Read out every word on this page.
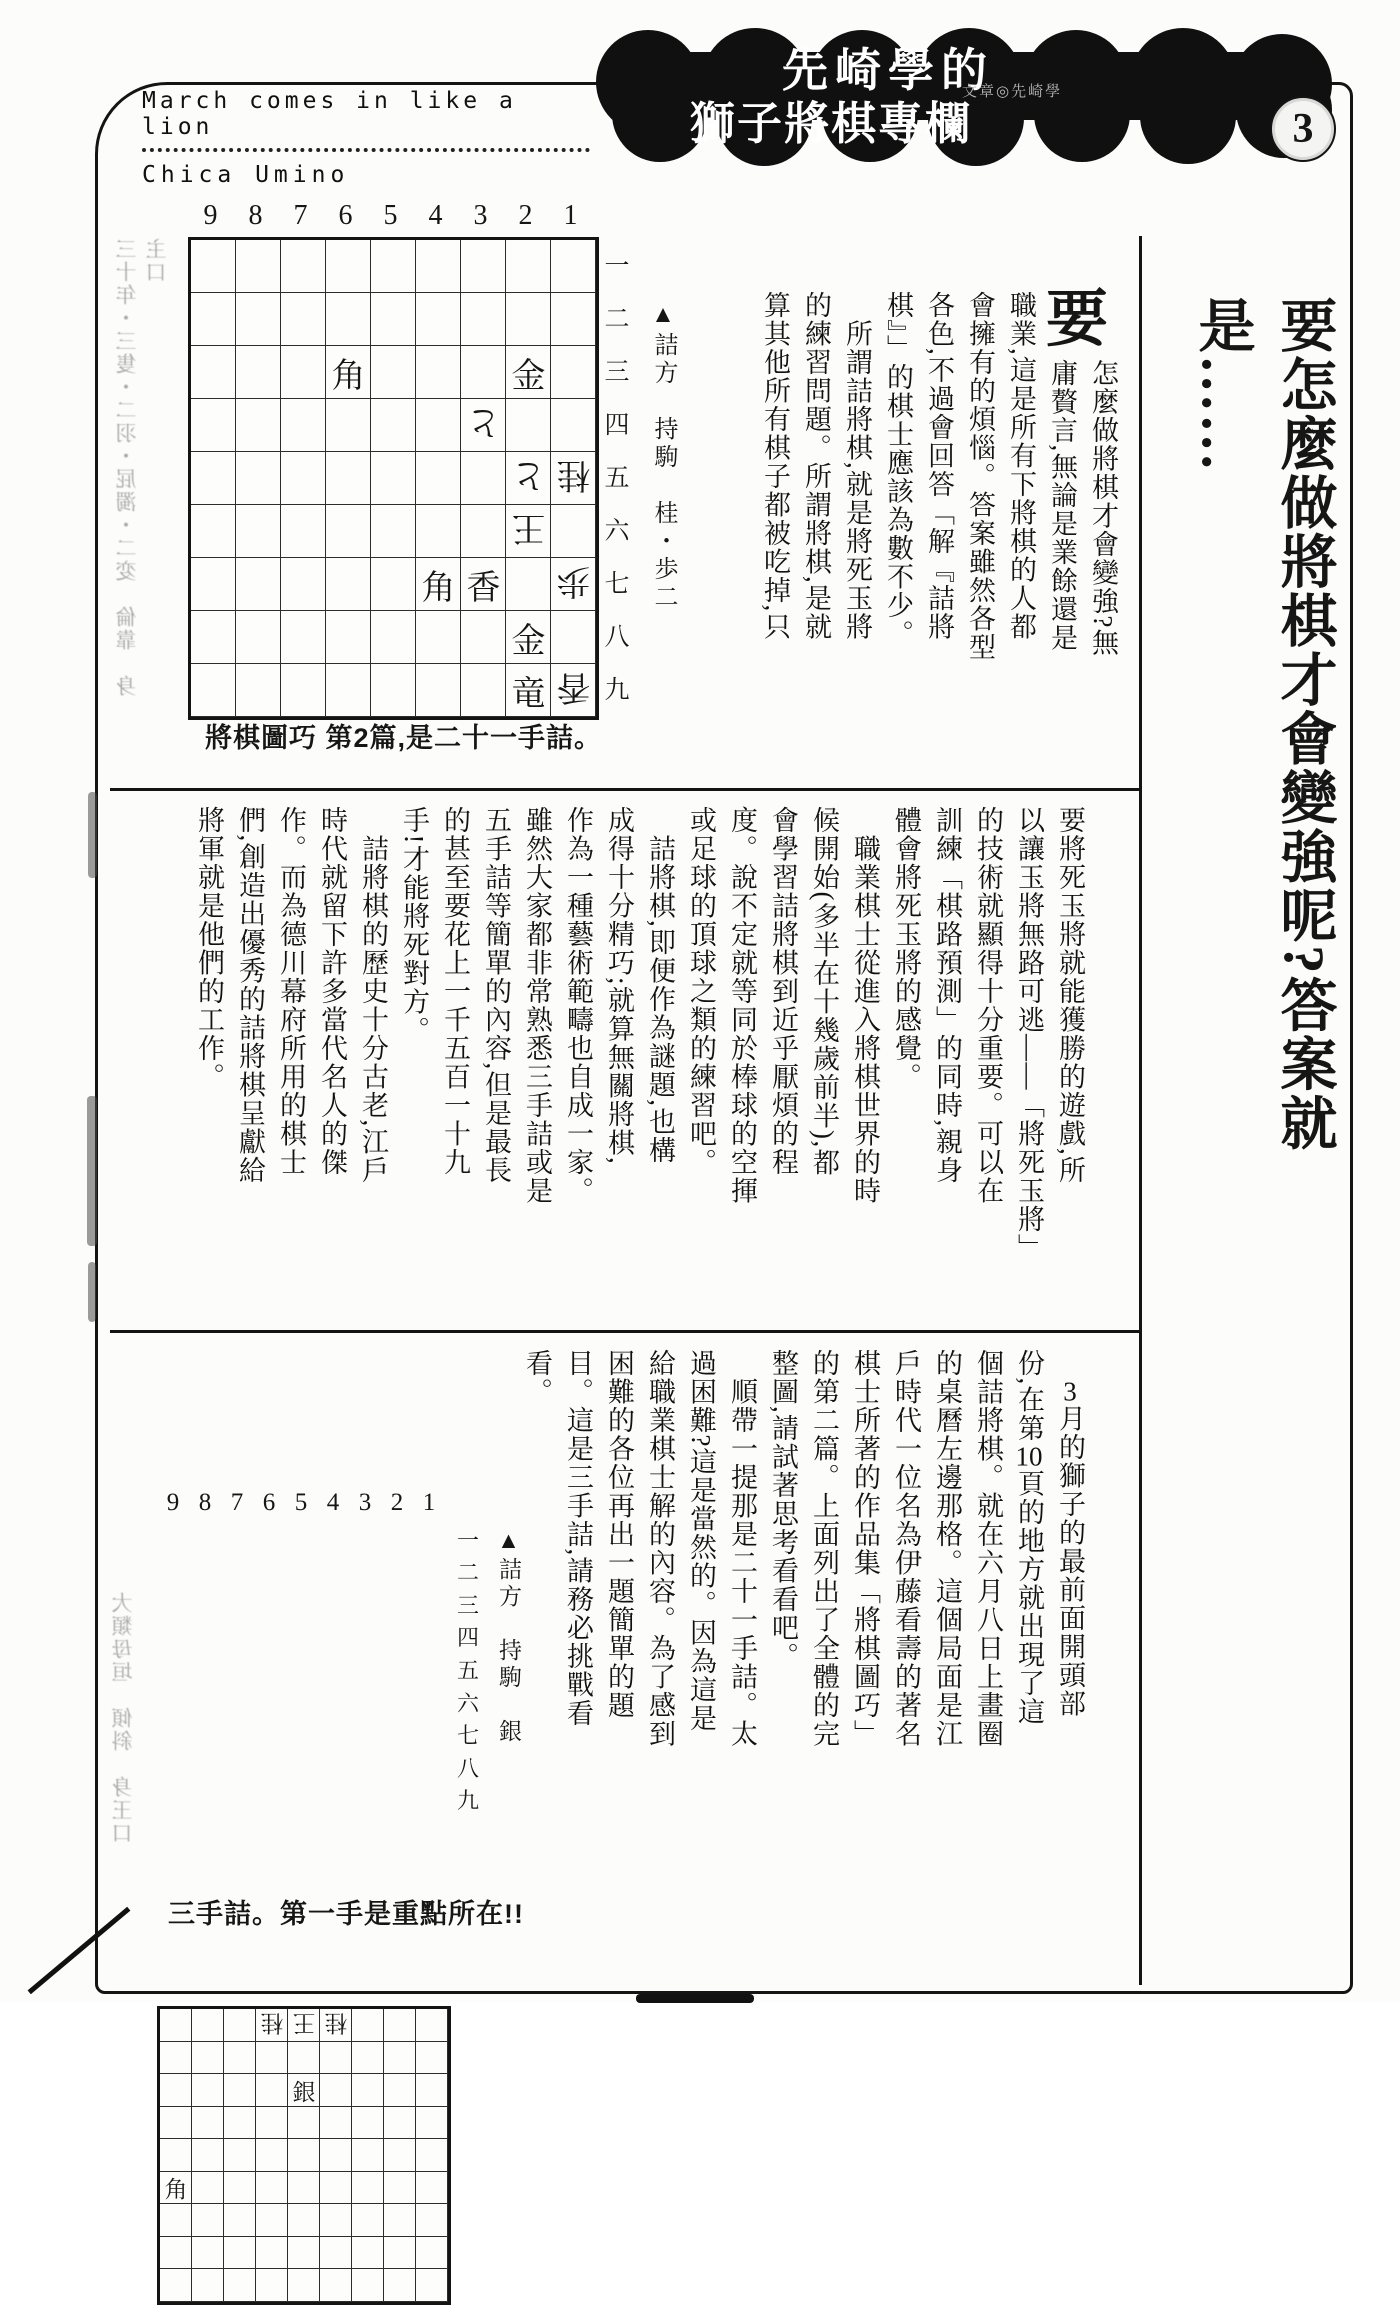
March comes in like a lion
Chica Umino
先崎學的
獅子將棋專欄
文章◎先崎學
3
要怎麼做將棋才會變強呢?答案就是……
要

怎麼做將棋才會變強?無

庸贅言,無論是業餘還是

職業,這是所有下將棋的人都

會擁有的煩惱。答案雖然各型

各色,不過會回答「解『詰將

棋』」的棋士應該為數不少。

　所謂詰將棋,就是將死玉將

的練習問題。所謂將棋,是就

算其他所有棋子都被吃掉,只

要將死玉將就能獲勝的遊戲,所

以讓玉將無路可逃——「將死玉將」

的技術就顯得十分重要。可以在

訓練「棋路預測」的同時,親身

體會將死玉將的感覺。

　職業棋士從進入將棋世界的時

候開始(多半在十幾歲前半),都

會學習詰將棋到近乎厭煩的程

度。說不定就等同於棒球的空揮

或足球的頂球之類的練習吧。

　詰將棋,即便作為謎題,也構

成得十分精巧;就算無關將棋,

作為一種藝術範疇也自成一家。

雖然大家都非常熟悉三手詰或是

五手詰等簡單的內容,但是最長

的甚至要花上一千五百一十九

手!才能將死對方。

　詰將棋的歷史十分古老,江戶

時代就留下許多當代名人的傑

作。而為德川幕府所用的棋士

們,創造出優秀的詰將棋呈獻給

將軍就是他們的工作。

　3月的獅子的最前面開頭部

份,在第10頁的地方就出現了這

個詰將棋。就在六月八日上畫圈

的桌曆左邊那格。這個局面是江

戶時代一位名為伊藤看壽的著名

棋士所著的作品集「將棋圖巧」

的第二篇。上面列出了全體的完

整圖,請試著思考看看吧。

　順帶一提那是二十一手詰。太

過困難?這是當然的。因為這是

給職業棋士解的內容。為了感到

困難的各位再出一題簡單的題

目。這是三手詰,請務必挑戰看

看。

9 8 7 6 5 4 3 2 1
角	金
と
と 桂
王
角 香 歩
金
竜 香
一
二
三
四
五
六
七
八
九
▲詰方　持駒　桂・歩二
將棋圖巧 第2篇,是二十一手詰。
9 8 7 6 5 4 3 2 1
桂 王 桂
銀
角
一
二
三
四
五
六
七
八
九
▲詰方　持駒　銀
三手詰。第一手是重點所在!!
三十年・三隻・二羽・屁濁・二変　倫靠　身主口
大類母垣　傾斜　身王口
